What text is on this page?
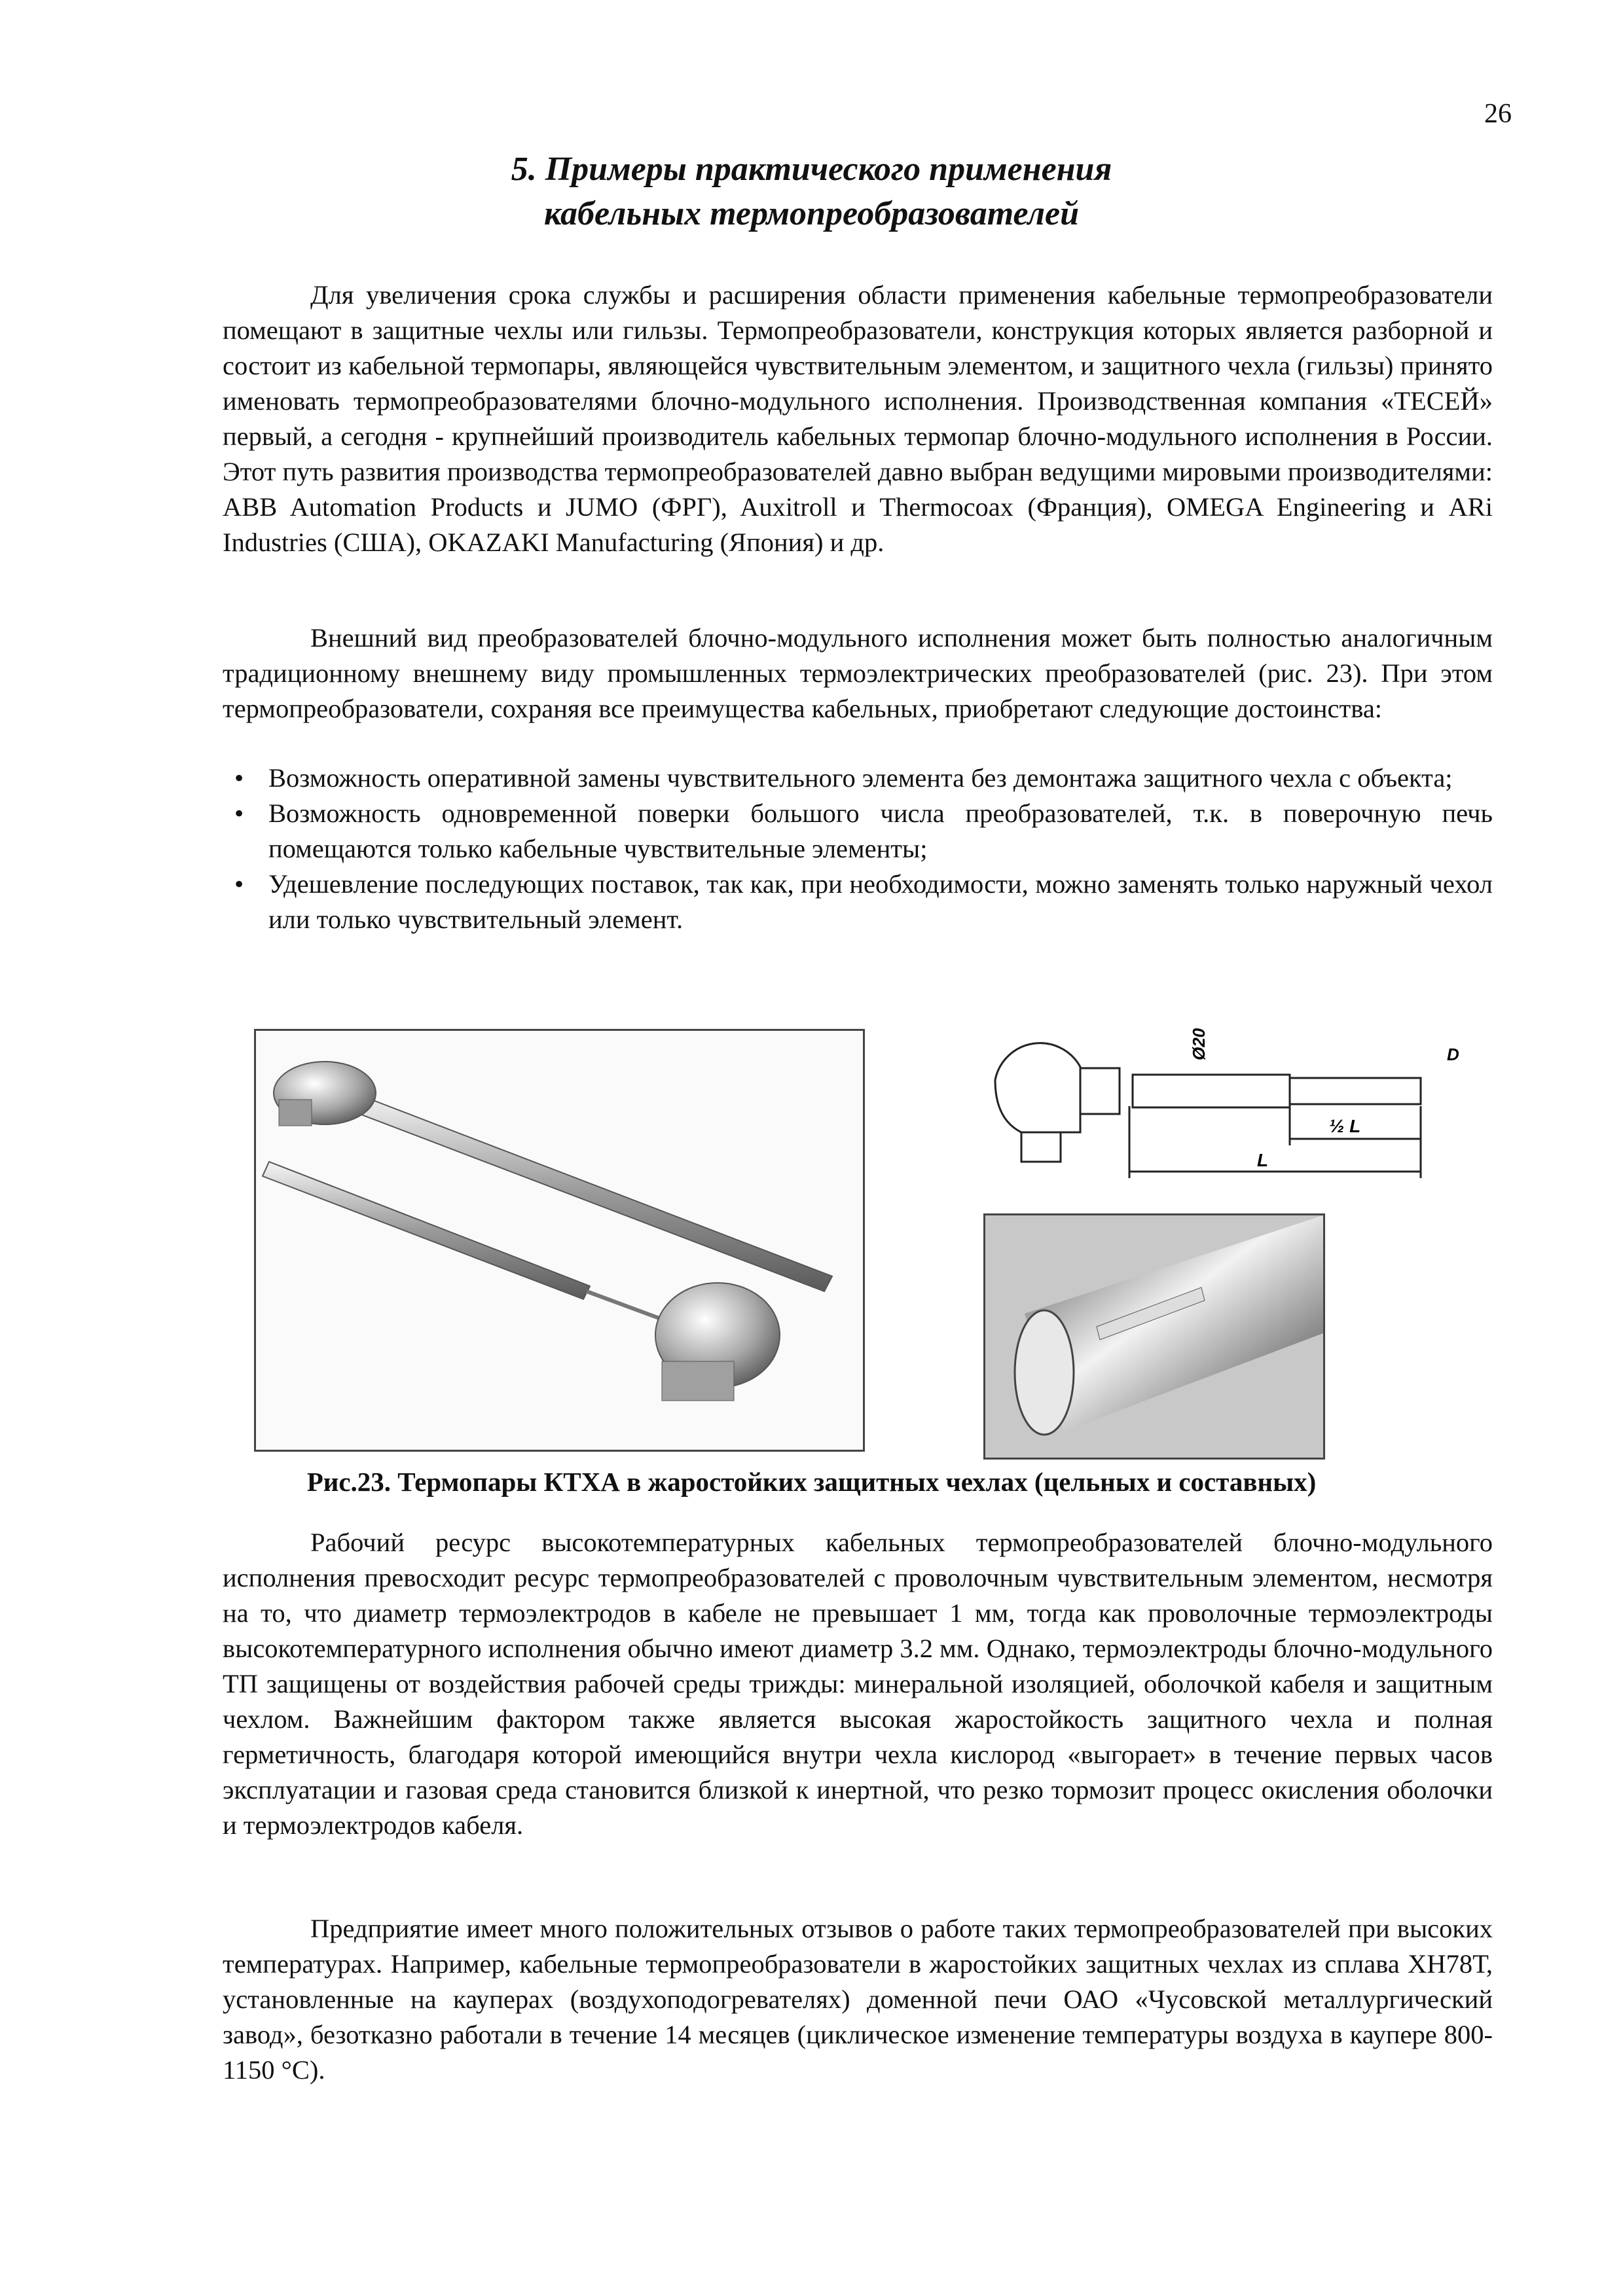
26
5. Примеры практического применения
кабельных термопреобразователей

Для увеличения срока службы и расширения области применения кабельные термопреобразователи помещают в защитные чехлы или гильзы. Термопреобразователи, конструкция которых является разборной и состоит из кабельной термопары, являющейся чувствительным элементом, и защитного чехла (гильзы) принято именовать термопреобразователями блочно-модульного исполнения. Производственная компания «ТЕСЕЙ» первый, а сегодня - крупнейший производитель кабельных термопар блочно-модульного исполнения в России. Этот путь развития производства термопреобразователей давно выбран ведущими мировыми производителями: ABB Automation Products и JUMO (ФРГ), Auxitroll и Thermocoax (Франция), OMEGA Engineering и ARi Industries (США), OKAZAKI Manufacturing (Япония) и др.

Внешний вид преобразователей блочно-модульного исполнения может быть полностью аналогичным традиционному внешнему виду промышленных термоэлектрических преобразователей (рис. 23). При этом термопреобразователи, сохраняя все преимущества кабельных, приобретают следующие достоинства:

• Возможность оперативной замены чувствительного элемента без демонтажа защитного чехла с объекта;
• Возможность одновременной поверки большого числа преобразователей, т.к. в поверочную печь помещаются только кабельные чувствительные элементы;
• Удешевление последующих поставок, так как, при необходимости, можно заменять только наружный чехол или только чувствительный элемент.
Ø20	D
½ L
L
Рис.23. Термопары КТХА в жаростойких защитных чехлах (цельных и составных)

Рабочий ресурс высокотемпературных кабельных термопреобразователей блочно-модульного исполнения превосходит ресурс термопреобразователей с проволочным чувствительным элементом, несмотря на то, что диаметр термоэлектродов в кабеле не превышает 1 мм, тогда как проволочные термоэлектроды высокотемпературного исполнения обычно имеют диаметр 3.2 мм. Однако, термоэлектроды блочно-модульного ТП защищены от воздействия рабочей среды трижды: минеральной изоляцией, оболочкой кабеля и защитным чехлом. Важнейшим фактором также является высокая жаростойкость защитного чехла и полная герметичность, благодаря которой имеющийся внутри чехла кислород «выгорает» в течение первых часов эксплуатации и газовая среда становится близкой к инертной, что резко тормозит процесс окисления оболочки и термоэлектродов кабеля.

Предприятие имеет много положительных отзывов о работе таких термопреобразователей при высоких температурах. Например, кабельные термопреобразователи в жаростойких защитных чехлах из сплава ХН78Т, установленные на кауперах (воздухоподогревателях) доменной печи ОАО «Чусовской металлургический завод», безотказно работали в течение 14 месяцев (циклическое изменение температуры воздуха в каупере 800-1150 °С).
